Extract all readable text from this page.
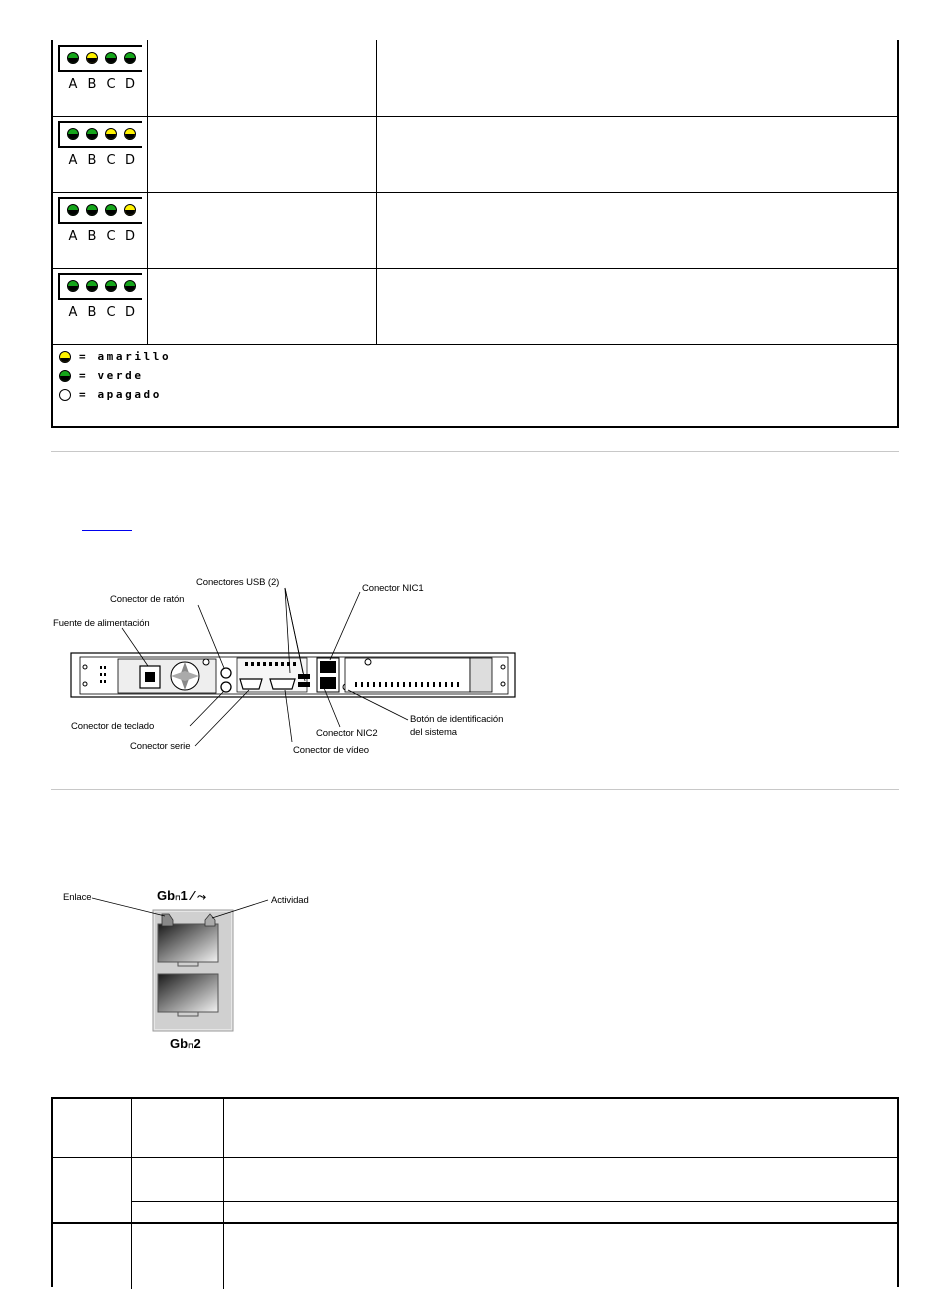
A B C D
A B C D
A B C D
A B C D
= amarillo
= verde
= apagado
Conectores USB (2)
Conector de ratón
Fuente de alimentación
Conector NIC1
Conector de teclado
Conector serie
Conector NIC2
Conector de vídeo
Botón de identificación
del sistema
Enlace	Actividad
Gb⊓1 ⁄ ⤳
Gb⊓2
